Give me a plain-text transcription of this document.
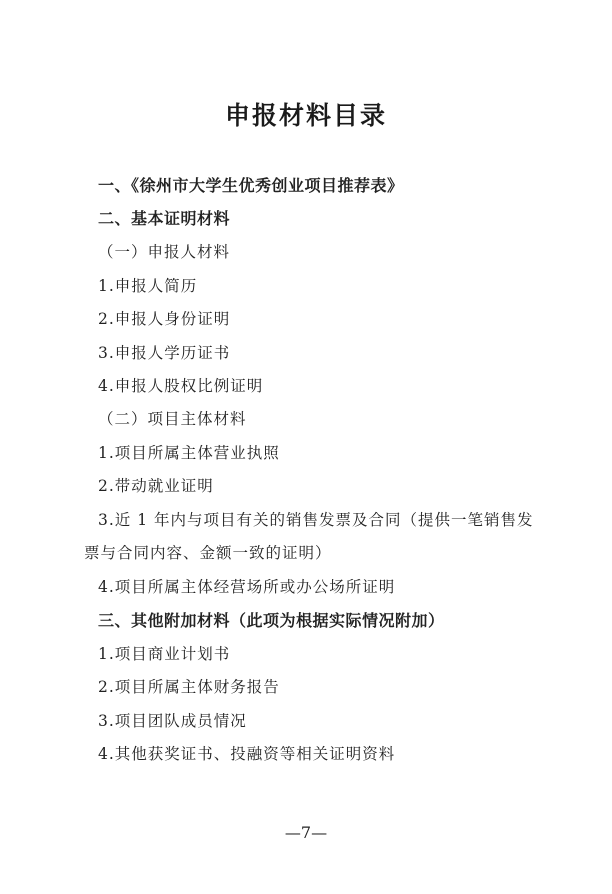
申报材料目录
一、《徐州市大学生优秀创业项目推荐表》
二、基本证明材料
（一）申报人材料
1.申报人简历
2.申报人身份证明
3.申报人学历证书
4.申报人股权比例证明
（二）项目主体材料
1.项目所属主体营业执照
2.带动就业证明
3.近 1 年内与项目有关的销售发票及合同（提供一笔销售发
票与合同内容、金额一致的证明）
4.项目所属主体经营场所或办公场所证明
三、其他附加材料（此项为根据实际情况附加）
1.项目商业计划书
2.项目所属主体财务报告
3.项目团队成员情况
4.其他获奖证书、投融资等相关证明资料
—7—
